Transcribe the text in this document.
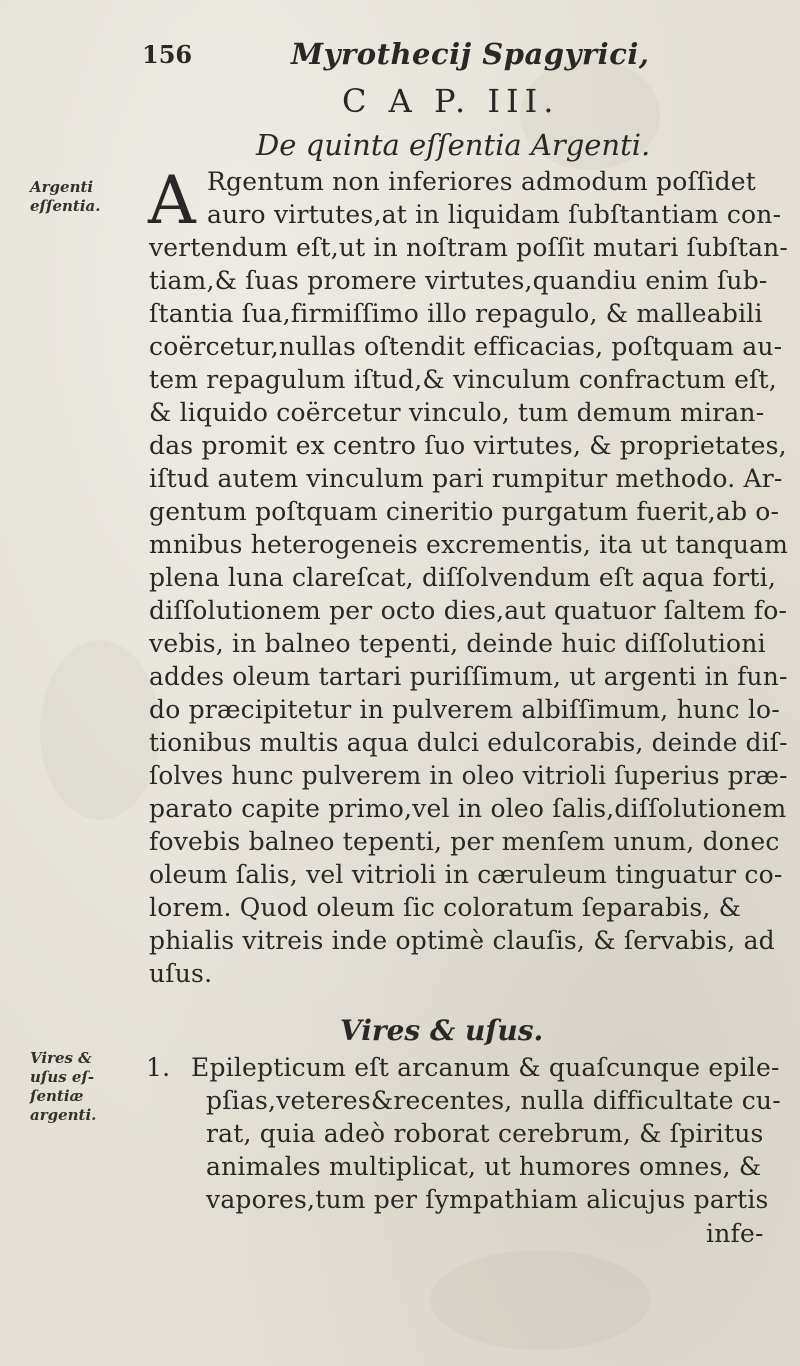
156	Myrothecij Spagyrici,
C A P. III.
De quinta eſſentia Argenti.
Argenti
eſſentia. A Rgentum non inferiores admodum poſſidet
auro virtutes,at in liquidam ſubſtantiam con-
vertendum eſt,ut in noſtram poſſit mutari ſubſtan-
tiam,& ſuas promere virtutes,quandiu enim ſub-
ſtantia ſua,firmiſſimo illo repagulo, & malleabili
coërcetur,nullas oſtendit efficacias, poſtquam au-
tem repagulum iſtud,& vinculum confractum eſt,
& liquido coërcetur vinculo, tum demum miran-
das promit ex centro ſuo virtutes, & proprietates,
iſtud autem vinculum pari rumpitur methodo. Ar-
gentum poſtquam cineritio purgatum fuerit,ab o-
mnibus heterogeneis excrementis, ita ut tanquam
plena luna clareſcat, diſſolvendum eſt aqua forti,
diſſolutionem per octo dies,aut quatuor ſaltem fo-
vebis, in balneo tepenti, deinde huic diſſolutioni
addes oleum tartari puriſſimum, ut argenti in fun-
do præcipitetur in pulverem albiſſimum, hunc lo-
tionibus multis aqua dulci edulcorabis, deinde diſ-
ſolves hunc pulverem in oleo vitrioli ſuperius præ-
parato capite primo,vel in oleo ſalis,diſſolutionem
fovebis balneo tepenti, per menſem unum, donec
oleum ſalis, vel vitrioli in cæruleum tinguatur co-
lorem. Quod oleum ſic coloratum ſeparabis, &
phialis vitreis inde optimè clauſis, & ſervabis, ad
uſus.
Vires & uſus.
Vires &
uſus eſ-
ſentiæ
argenti.
1. Epilepticum eſt arcanum & quaſcunque epile-
pſias,veteres&recentes, nulla difficultate cu-
rat, quia adeò roborat cerebrum, & ſpiritus
animales multiplicat, ut humores omnes, &
vapores,tum per ſympathiam alicujus partis
infe-
